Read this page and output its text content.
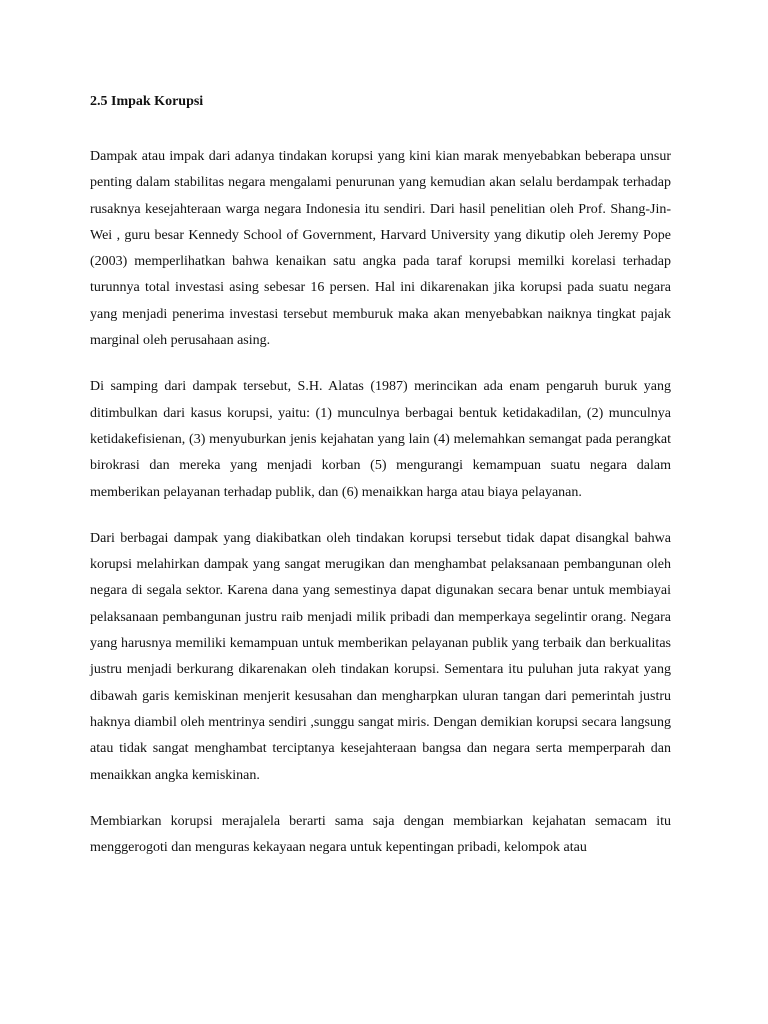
2.5 Impak Korupsi

Dampak atau impak dari adanya tindakan korupsi yang kini kian marak menyebabkan beberapa unsur penting dalam stabilitas negara mengalami penurunan yang kemudian akan selalu berdampak terhadap rusaknya kesejahteraan warga negara Indonesia itu sendiri. Dari hasil penelitian oleh Prof. Shang-Jin-Wei , guru besar Kennedy School of Government, Harvard University yang dikutip oleh Jeremy Pope (2003) memperlihatkan bahwa kenaikan satu angka pada taraf korupsi memilki korelasi terhadap turunnya total investasi asing sebesar 16 persen. Hal ini dikarenakan jika korupsi pada suatu negara yang menjadi penerima investasi tersebut memburuk maka akan menyebabkan naiknya tingkat pajak marginal oleh perusahaan asing.

Di samping dari dampak tersebut, S.H. Alatas (1987) merincikan ada enam pengaruh buruk yang ditimbulkan dari kasus korupsi, yaitu: (1) munculnya berbagai bentuk ketidakadilan, (2) munculnya ketidakefisienan, (3) menyuburkan jenis kejahatan yang lain (4) melemahkan semangat pada perangkat birokrasi dan mereka yang menjadi korban (5) mengurangi kemampuan suatu negara dalam memberikan pelayanan terhadap publik, dan (6) menaikkan harga atau biaya pelayanan.

Dari berbagai dampak yang diakibatkan oleh tindakan korupsi tersebut tidak dapat disangkal bahwa korupsi melahirkan dampak yang sangat merugikan dan menghambat pelaksanaan pembangunan oleh negara di segala sektor. Karena dana yang semestinya dapat digunakan secara benar untuk membiayai pelaksanaan pembangunan justru raib menjadi milik pribadi dan memperkaya segelintir orang. Negara yang harusnya memiliki kemampuan untuk memberikan pelayanan publik yang terbaik dan berkualitas justru menjadi berkurang dikarenakan oleh tindakan korupsi. Sementara itu puluhan juta rakyat yang dibawah garis kemiskinan menjerit kesusahan dan mengharpkan uluran tangan dari pemerintah justru haknya diambil oleh mentrinya sendiri ,sunggu sangat miris. Dengan demikian korupsi secara langsung atau tidak sangat menghambat terciptanya kesejahteraan bangsa dan negara serta memperparah dan menaikkan angka kemiskinan.

Membiarkan korupsi merajalela berarti sama saja dengan membiarkan kejahatan semacam itu menggerogoti dan menguras kekayaan negara untuk kepentingan pribadi, kelompok atau
